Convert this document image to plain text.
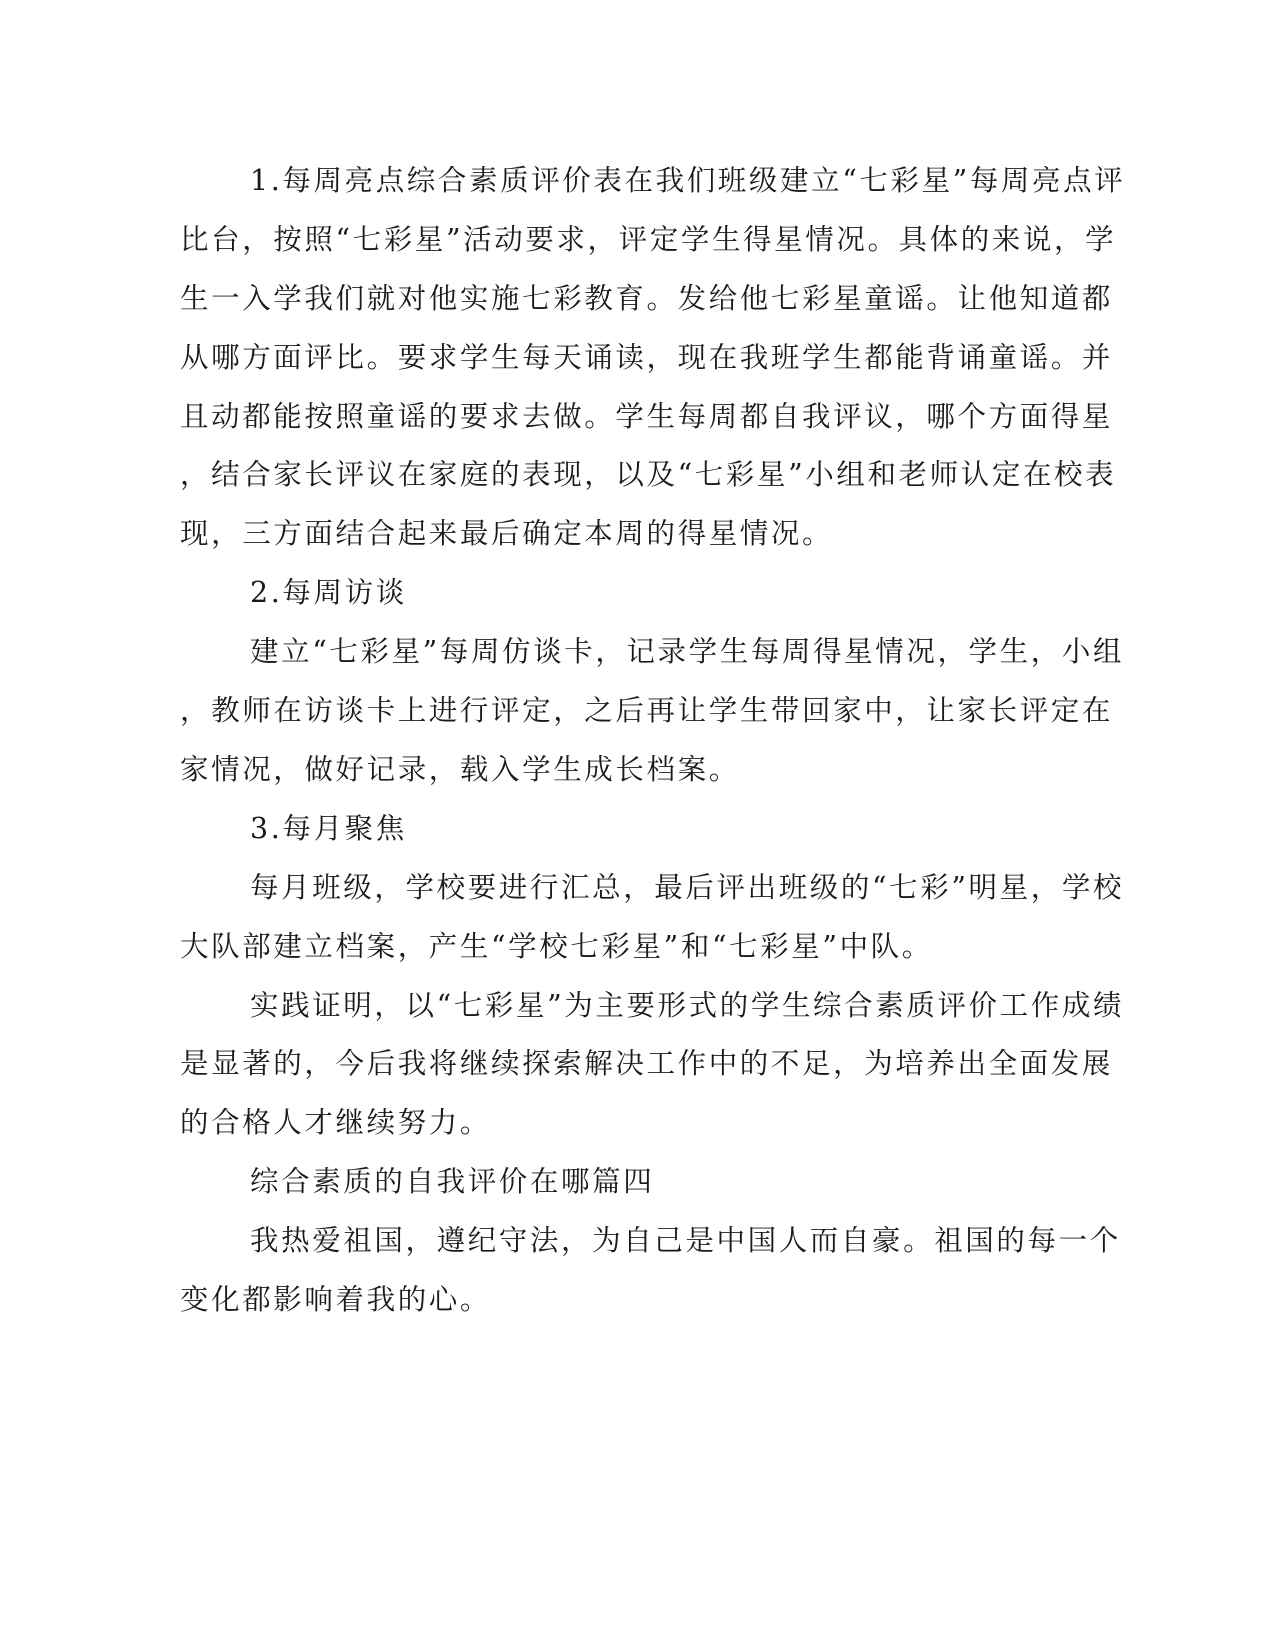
1.每周亮点综合素质评价表在我们班级建立“七彩星”每周亮点评

比台，按照“七彩星”活动要求，评定学生得星情况。具体的来说，学

生一入学我们就对他实施七彩教育。发给他七彩星童谣。让他知道都

从哪方面评比。要求学生每天诵读，现在我班学生都能背诵童谣。并

且动都能按照童谣的要求去做。学生每周都自我评议，哪个方面得星

，结合家长评议在家庭的表现，以及“七彩星”小组和老师认定在校表

现，三方面结合起来最后确定本周的得星情况。

2.每周访谈

建立“七彩星”每周仿谈卡，记录学生每周得星情况，学生，小组

，教师在访谈卡上进行评定，之后再让学生带回家中，让家长评定在

家情况，做好记录，载入学生成长档案。

3.每月聚焦

每月班级，学校要进行汇总，最后评出班级的“七彩”明星，学校

大队部建立档案，产生“学校七彩星”和“七彩星”中队。

实践证明，以“七彩星”为主要形式的学生综合素质评价工作成绩

是显著的，今后我将继续探索解决工作中的不足，为培养出全面发展

的合格人才继续努力。

综合素质的自我评价在哪篇四

我热爱祖国，遵纪守法，为自己是中国人而自豪。祖国的每一个

变化都影响着我的心。
